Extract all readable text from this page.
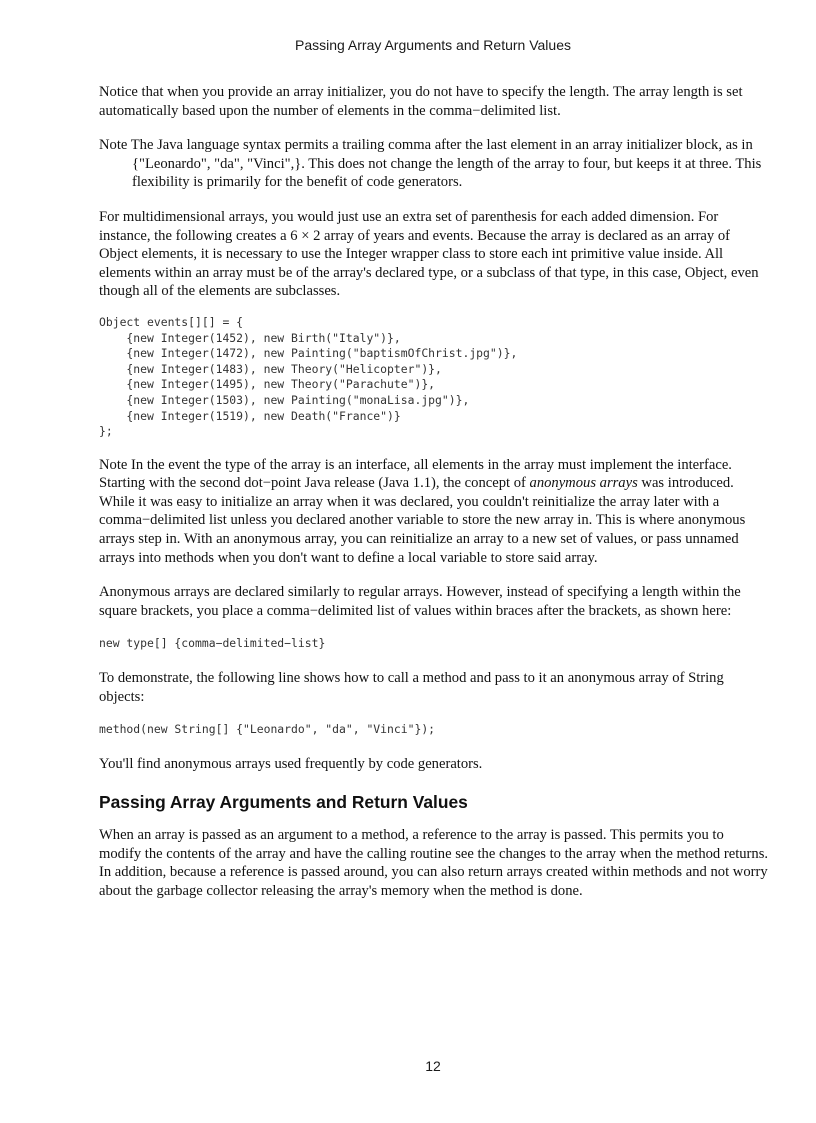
Passing Array Arguments and Return Values

Notice that when you provide an array initializer, you do not have to specify the length. The array length is set automatically based upon the number of elements in the comma−delimited list.

Note The Java language syntax permits a trailing comma after the last element in an array initializer block, as in {"Leonardo", "da", "Vinci",}. This does not change the length of the array to four, but keeps it at three. This flexibility is primarily for the benefit of code generators.

For multidimensional arrays, you would just use an extra set of parenthesis for each added dimension. For instance, the following creates a 6 × 2 array of years and events. Because the array is declared as an array of Object elements, it is necessary to use the Integer wrapper class to store each int primitive value inside. All elements within an array must be of the array's declared type, or a subclass of that type, in this case, Object, even though all of the elements are subclasses.

Object events[][] = {
{new Integer(1452), new Birth("Italy")},
{new Integer(1472), new Painting("baptismOfChrist.jpg")},
{new Integer(1483), new Theory("Helicopter")},
{new Integer(1495), new Theory("Parachute")},
{new Integer(1503), new Painting("monaLisa.jpg")},
{new Integer(1519), new Death("France")}
};

Note In the event the type of the array is an interface, all elements in the array must implement the interface.

Starting with the second dot−point Java release (Java 1.1), the concept of anonymous arrays was introduced. While it was easy to initialize an array when it was declared, you couldn't reinitialize the array later with a comma−delimited list unless you declared another variable to store the new array in. This is where anonymous arrays step in. With an anonymous array, you can reinitialize an array to a new set of values, or pass unnamed arrays into methods when you don't want to define a local variable to store said array.

Anonymous arrays are declared similarly to regular arrays. However, instead of specifying a length within the square brackets, you place a comma−delimited list of values within braces after the brackets, as shown here:

new type[] {comma−delimited−list}

To demonstrate, the following line shows how to call a method and pass to it an anonymous array of String objects:

method(new String[] {"Leonardo", "da", "Vinci"});

You'll find anonymous arrays used frequently by code generators.

Passing Array Arguments and Return Values

When an array is passed as an argument to a method, a reference to the array is passed. This permits you to modify the contents of the array and have the calling routine see the changes to the array when the method returns. In addition, because a reference is passed around, you can also return arrays created within methods and not worry about the garbage collector releasing the array's memory when the method is done.

12
